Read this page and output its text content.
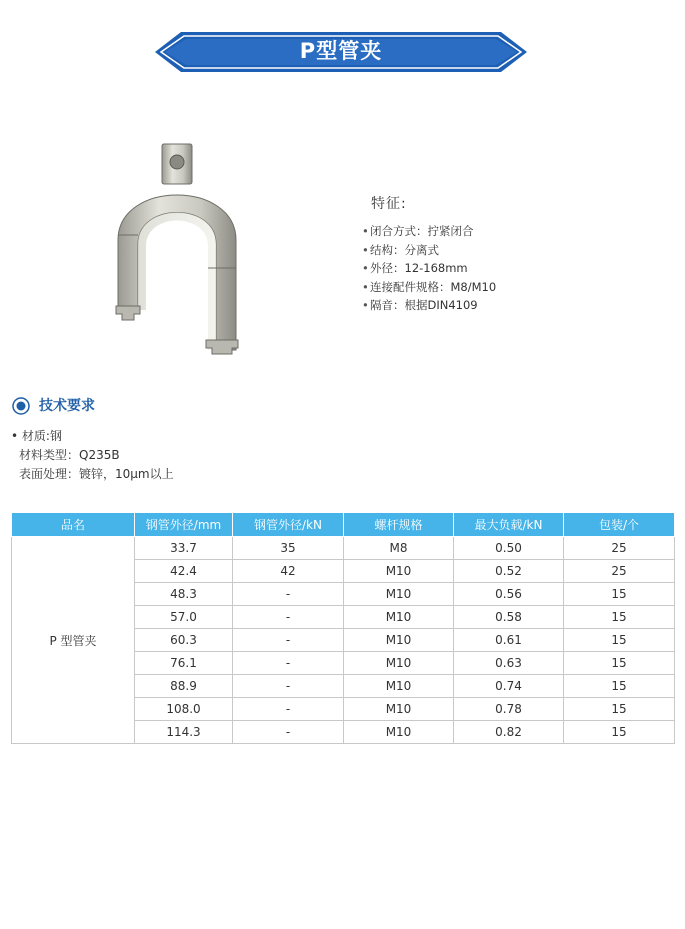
P型管夹
特征:
•闭合方式：拧紧闭合
•结构：分离式
•外径：12-168mm
•连接配件规格：M8/M10
•隔音：根据DIN4109
技术要求
• 材质:钢
材料类型：Q235B
表面处理：镀锌，10μm以上
品名	钢管外径/mm	钢管外径/kN	螺杆规格	最大负载/kN	包装/个
P 型管夹	33.7	35	M8	0.50	25
	42.4	42	M10	0.52	25
	48.3	-	M10	0.56	15
	57.0	-	M10	0.58	15
	60.3	-	M10	0.61	15
	76.1	-	M10	0.63	15
	88.9	-	M10	0.74	15
	108.0	-	M10	0.78	15
	114.3	-	M10	0.82	15
